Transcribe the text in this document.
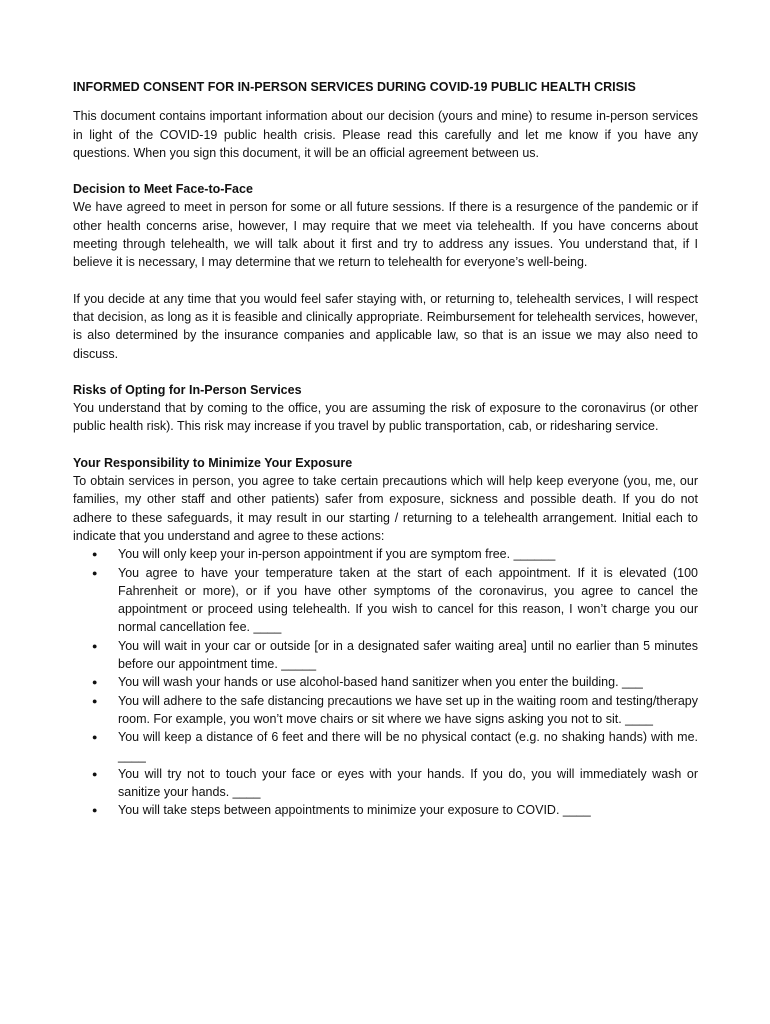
INFORMED CONSENT FOR IN-PERSON SERVICES DURING COVID-19 PUBLIC HEALTH CRISIS

This document contains important information about our decision (yours and mine) to resume in-person services in light of the COVID-19 public health crisis. Please read this carefully and let me know if you have any questions. When you sign this document, it will be an official agreement between us.

Decision to Meet Face-to-Face

We have agreed to meet in person for some or all future sessions. If there is a resurgence of the pandemic or if other health concerns arise, however, I may require that we meet via telehealth. If you have concerns about meeting through telehealth, we will talk about it first and try to address any issues. You understand that, if I believe it is necessary, I may determine that we return to telehealth for everyone’s well-being.

If you decide at any time that you would feel safer staying with, or returning to, telehealth services, I will respect that decision, as long as it is feasible and clinically appropriate. Reimbursement for telehealth services, however, is also determined by the insurance companies and applicable law, so that is an issue we may also need to discuss.

Risks of Opting for In-Person Services

You understand that by coming to the office, you are assuming the risk of exposure to the coronavirus (or other public health risk). This risk may increase if you travel by public transportation, cab, or ridesharing service.

Your Responsibility to Minimize Your Exposure

To obtain services in person, you agree to take certain precautions which will help keep everyone (you, me, our families, my other staff and other patients) safer from exposure, sickness and possible death. If you do not adhere to these safeguards, it may result in our starting / returning to a telehealth arrangement. Initial each to indicate that you understand and agree to these actions:

● You will only keep your in-person appointment if you are symptom free. ______
● You agree to have your temperature taken at the start of each appointment. If it is elevated (100 Fahrenheit or more), or if you have other symptoms of the coronavirus, you agree to cancel the appointment or proceed using telehealth. If you wish to cancel for this reason, I won’t charge you our normal cancellation fee. ____
● You will wait in your car or outside [or in a designated safer waiting area] until no earlier than 5 minutes before our appointment time. _____
● You will wash your hands or use alcohol-based hand sanitizer when you enter the building. ___
● You will adhere to the safe distancing precautions we have set up in the waiting room and testing/therapy room. For example, you won’t move chairs or sit where we have signs asking you not to sit. ____
● You will keep a distance of 6 feet and there will be no physical contact (e.g. no shaking hands) with me. ____
● You will try not to touch your face or eyes with your hands. If you do, you will immediately wash or sanitize your hands. ____
● You will take steps between appointments to minimize your exposure to COVID. ____
